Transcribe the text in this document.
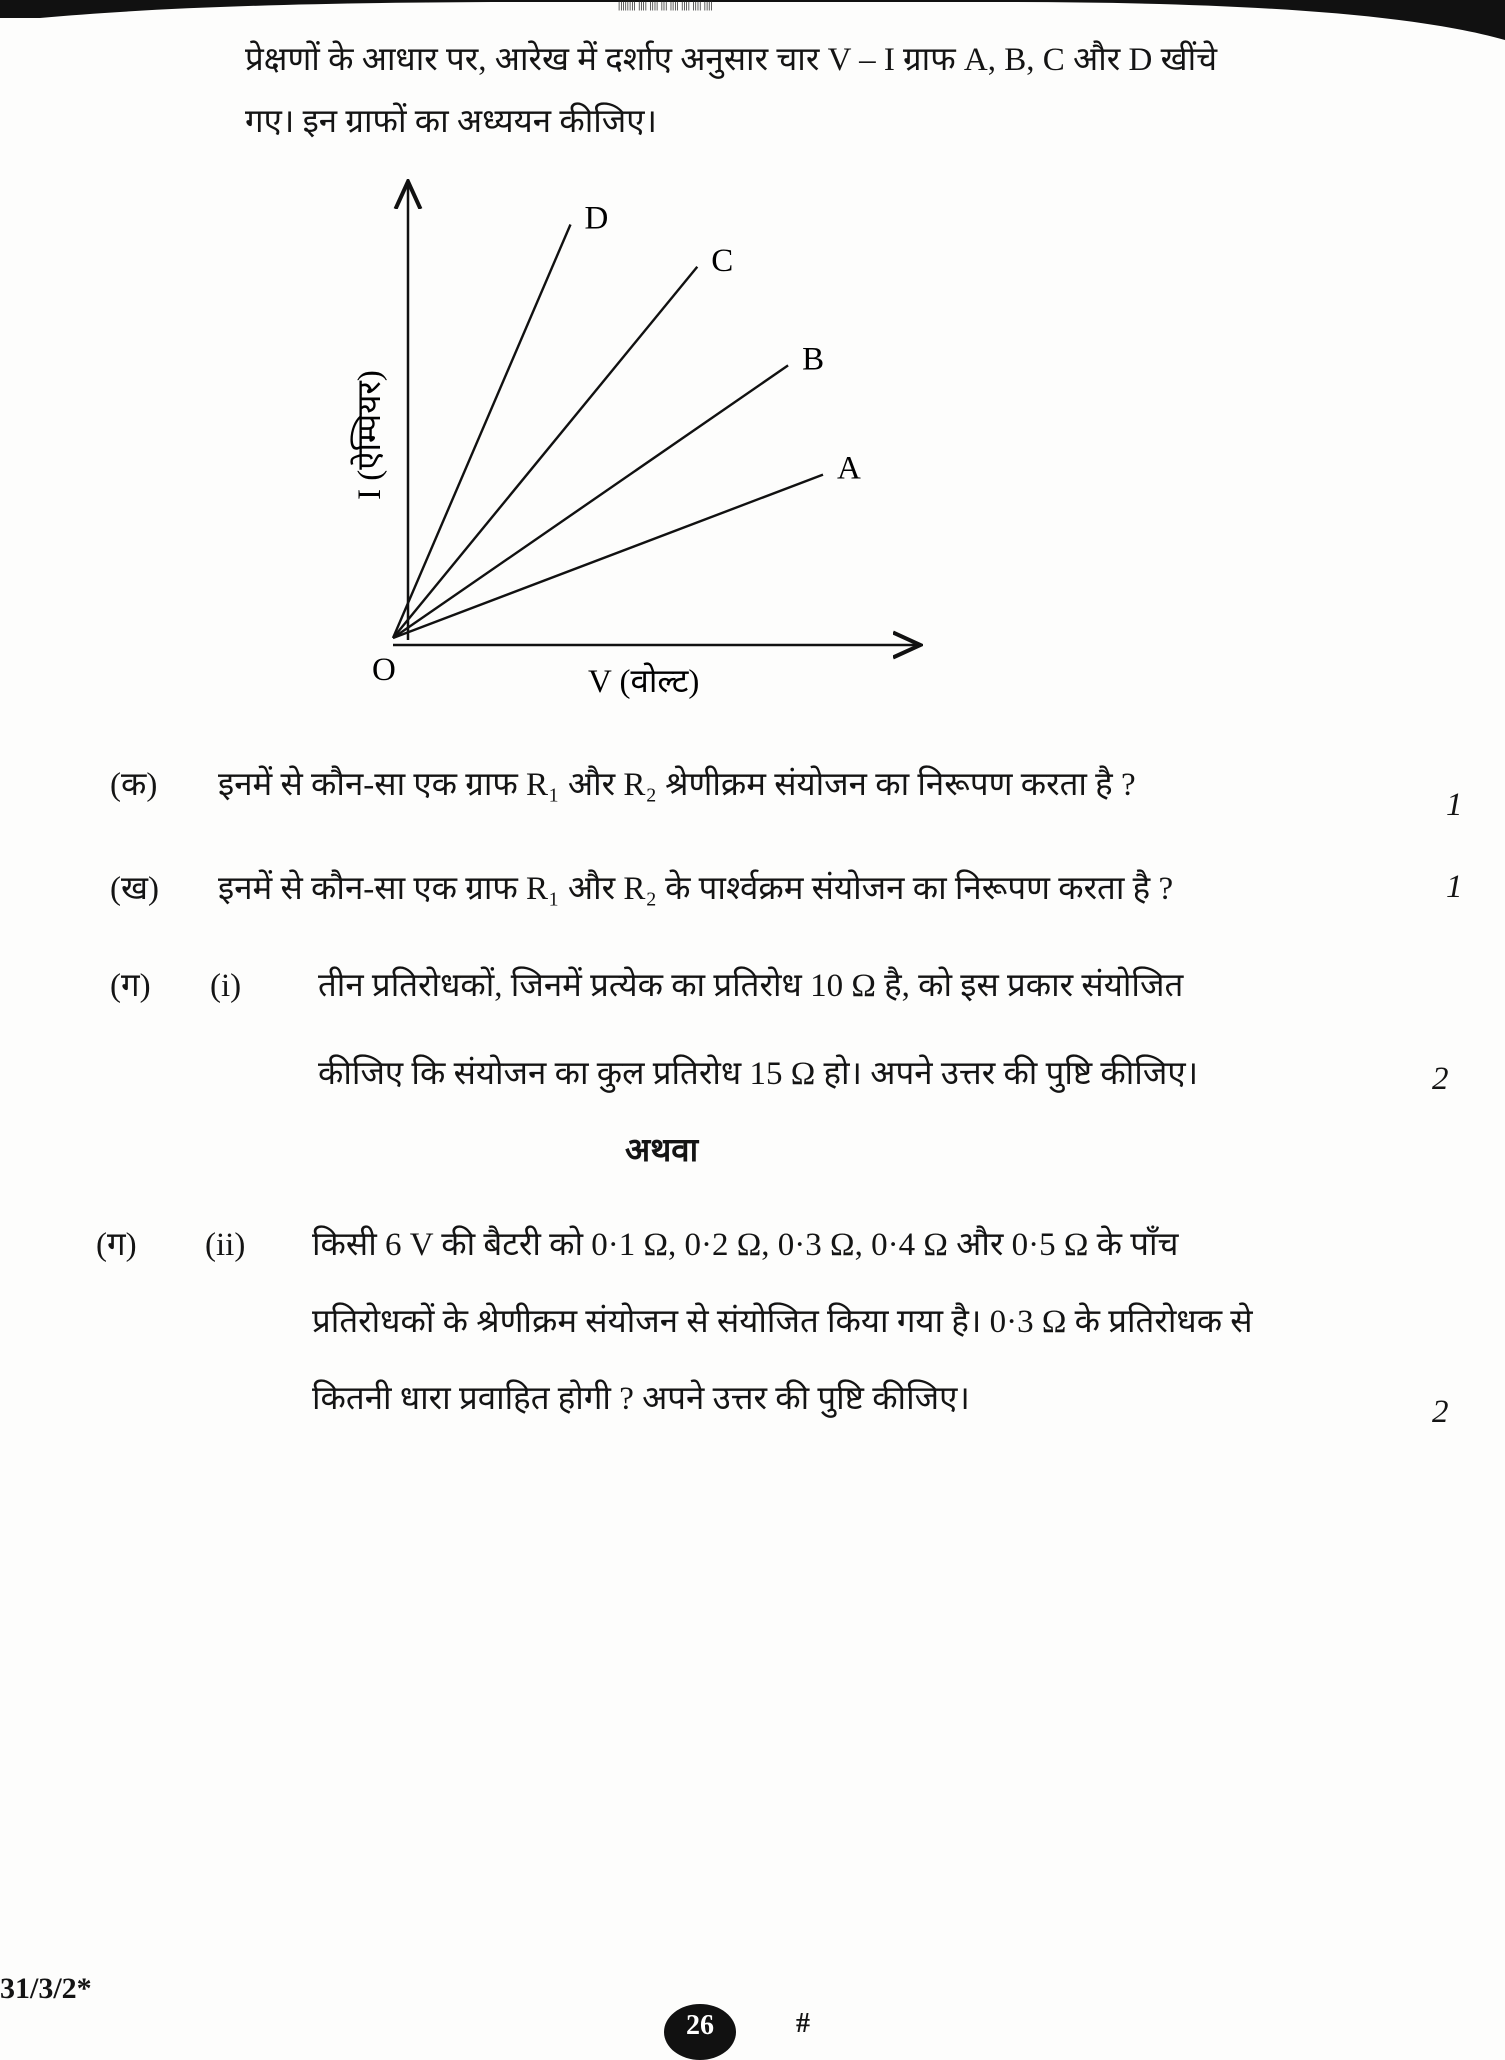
|||||||| |||| |||| ||| |||| |||| |||| ||||
प्रेक्षणों के आधार पर, आरेख में दर्शाए अनुसार चार V – I ग्राफ A, B, C और D खींचे
गए। इन ग्राफों का अध्ययन कीजिए।
D
C
B
A
O	V (वोल्ट)
I (ऐम्पियर)
(क) इनमें से कौन-सा एक ग्राफ R₁ और R₂ श्रेणीक्रम संयोजन का निरूपण करता है ?
1
(ख) इनमें से कौन-सा एक ग्राफ R₁ और R₂ के पार्श्वक्रम संयोजन का निरूपण करता है ?	1
(ग) (i) तीन प्रतिरोधकों, जिनमें प्रत्येक का प्रतिरोध 10 Ω है, को इस प्रकार संयोजित
कीजिए कि संयोजन का कुल प्रतिरोध 15 Ω हो। अपने उत्तर की पुष्टि कीजिए।	2
(ग) (ii) किसी 6 V की बैटरी को 0·1 Ω, 0·2 Ω, 0·3 Ω, 0·4 Ω और 0·5 Ω के पाँच
प्रतिरोधकों के श्रेणीक्रम संयोजन से संयोजित किया गया है। 0·3 Ω के प्रतिरोधक से
कितनी धारा प्रवाहित होगी ? अपने उत्तर की पुष्टि कीजिए।	2
अथवा
31/3/2*
26	#
